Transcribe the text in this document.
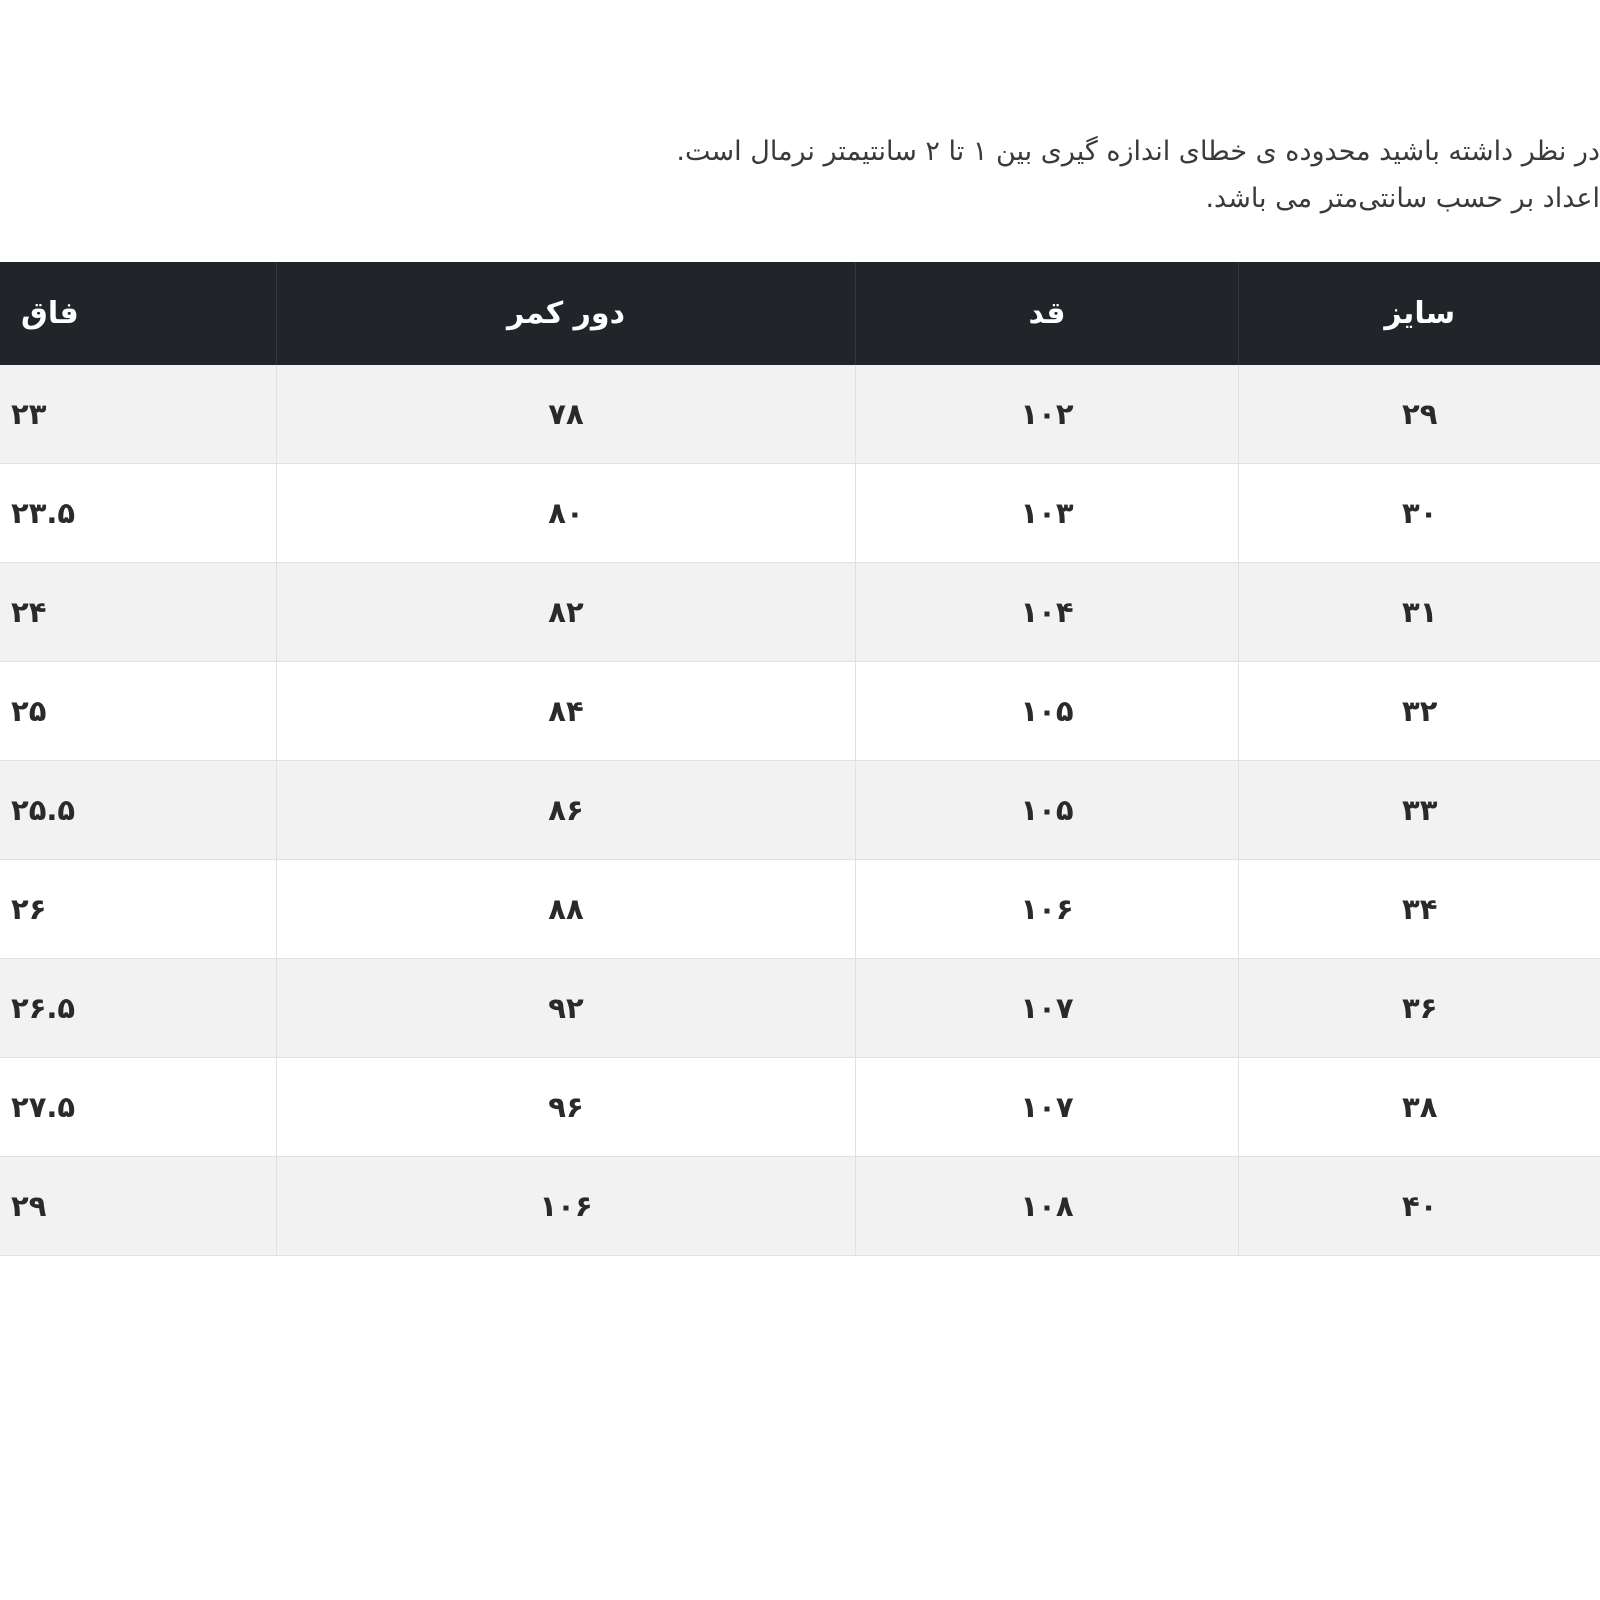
در نظر داشته باشید محدوده ی خطای اندازه گیری بین ۱ تا ۲ سانتیمتر نرمال است.

اعداد بر حسب سانتی‌متر می باشد.

سایز	قد	دور کمر	فاق
۲۹	۱۰۲	۷۸	۲۳
۳۰	۱۰۳	۸۰	۲۳.۵
۳۱	۱۰۴	۸۲	۲۴
۳۲	۱۰۵	۸۴	۲۵
۳۳	۱۰۵	۸۶	۲۵.۵
۳۴	۱۰۶	۸۸	۲۶
۳۶	۱۰۷	۹۲	۲۶.۵
۳۸	۱۰۷	۹۶	۲۷.۵
۴۰	۱۰۸	۱۰۶	۲۹
